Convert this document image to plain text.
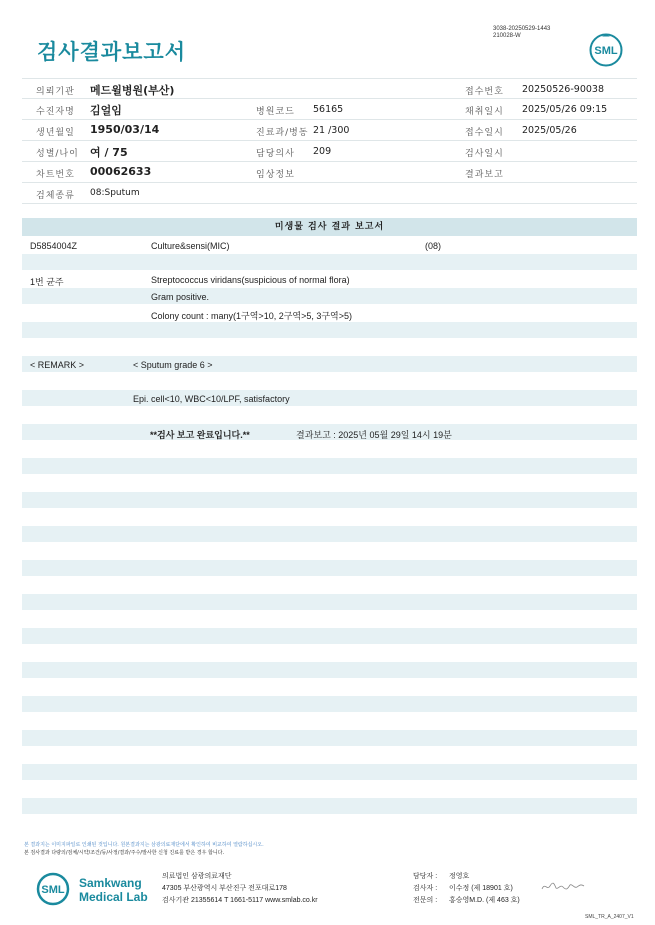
검사결과보고서
3038-20250529-1443
210028-W
SML
의뢰기관 메드윌병원(부산)	접수번호 20250526-90038
수진자명 김얼임	병원코드 56165	채취일시 2025/05/26 09:15
생년월일 1950/03/14	진료과/병동 21 /300	접수일시 2025/05/26
성별/나이 여 / 75	담당의사 209	검사일시
차트번호 00062633	임상정보	결과보고
검체종류 08:Sputum
미생물 검사 결과 보고서
D5854004Z	Culture&sensi(MIC)	(08)
1번 균주	Streptococcus viridans(suspicious of normal flora)
Gram positive.
Colony count : many(1구역>10, 2구역>5, 3구역>5)
< REMARK >	< Sputum grade 6 >
Epi. cell<10, WBC<10/LPF, satisfactory
**검사 보고 완료입니다.**	결과보고 : 2025년 05월 29일 14시 19분
본 결과지는 이미지파일로 인쇄된 것입니다. 원본결과지는 삼광의료재단에서 확인하여 비교하여 열람하십시오.
본 검사결과 다량의/검체/시약/조건/등/사정/결과/주수/발사한 신청 진료를 받은 경우 합니다.
SML Samkwang
Medical Lab
의료법인 삼광의료재단
47305 부산광역시 부산진구 전포대로178
검사기관 21355614 T 1661-5117 www.smlab.co.kr
담당자 : 정영호
검사자 : 이수정 (제 18901 호)
전문의 : 홍승영M.D. (제 463 호)
SML_TR_A_2407_V1
